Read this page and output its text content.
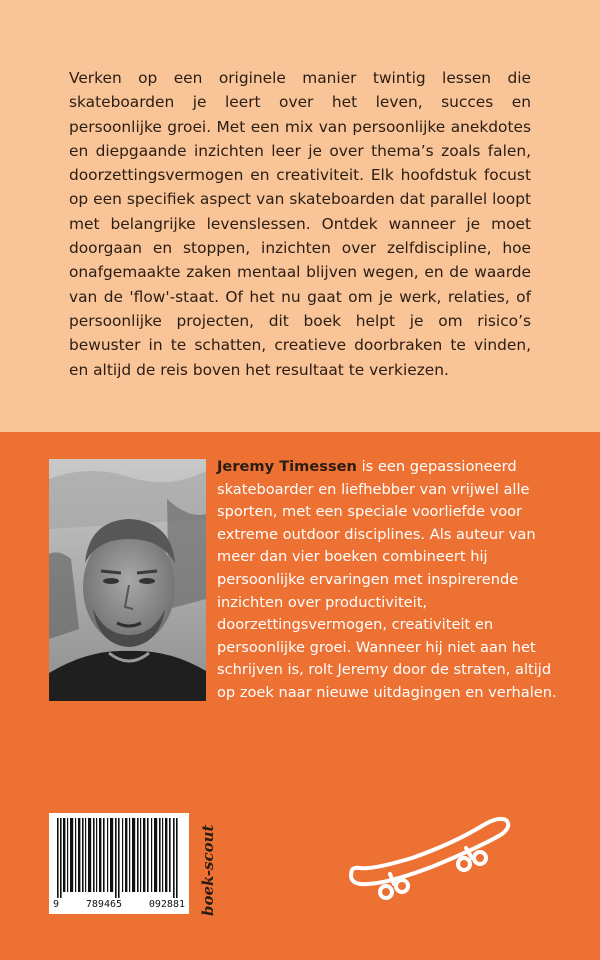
Verken op een originele manier twintig lessen die skateboarden je leert over het leven, succes en persoonlijke groei. Met een mix van persoonlijke anekdotes en diepgaande inzichten leer je over thema’s zoals falen, doorzettingsvermogen en creativiteit. Elk hoofdstuk focust op een specifiek aspect van skateboarden dat parallel loopt met belangrijke levenslessen. Ontdek wanneer je moet doorgaan en stoppen, inzichten over zelfdiscipline, hoe onafgemaakte zaken mentaal blijven wegen, en de waarde van de 'flow'-staat. Of het nu gaat om je werk, relaties, of persoonlijke projecten, dit boek helpt je om risico’s bewuster in te schatten, creatieve doorbraken te vinden, en altijd de reis boven het resultaat te verkiezen.

Jeremy Timessen is een gepassioneerd skateboarder en liefhebber van vrijwel alle sporten, met een speciale voorliefde voor extreme outdoor disciplines. Als auteur van meer dan vier boeken combineert hij persoonlijke ervaringen met inspirerende inzichten over productiviteit, doorzettingsvermogen, creativiteit en persoonlijke groei. Wanneer hij niet aan het schrijven is, rolt Jeremy door de straten, altijd op zoek naar nieuwe uitdagingen en verhalen.

9	789465	092881 boek-scout
